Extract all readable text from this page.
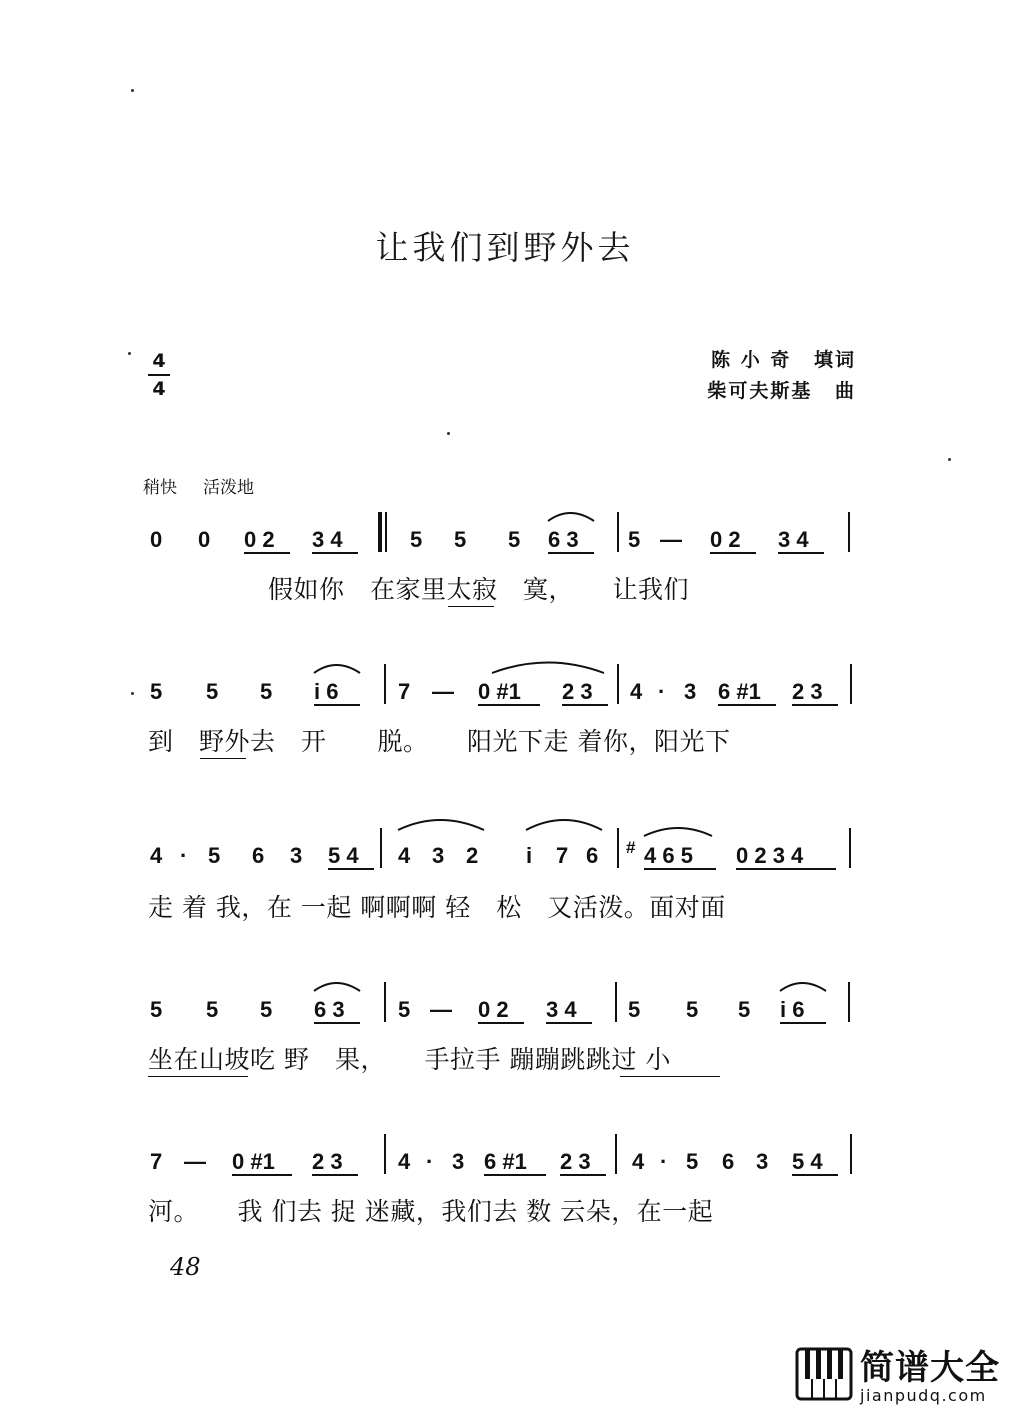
让我们到野外去
4
4
陈 小 奇 填词
柴可夫斯基 曲
稍快 活泼地
0 0 0 2 3 4	5 5 5 6 3 5 — 0 2 3 4
假如你　在家里太寂　寞，　　让我们
5 5 5 i 6	7 — 0 #1 2 3 4 · 3 6 #1 2 3
到　野外去　开　　脱。　　阳光下走 着你，阳光下
4 · 5 6 3 5 4 4 3 2 i 7 6 # 4 6 5 0 2 3 4
走 着 我，在 一起 啊啊啊 轻　松　又活泼。面对面
5 5 5 6 3 5 — 0 2 3 4 5 5 5 i 6
坐在山坡吃 野　果，　　手拉手 蹦蹦跳跳过 小
7 — 0 #1 2 3	4 · 3 6 #1 2 3 4 · 5 6 3 5 4
河。　　我 们去 捉 迷藏，我们去 数 云朵，在一起
48
简谱大全
jianpudq.com
